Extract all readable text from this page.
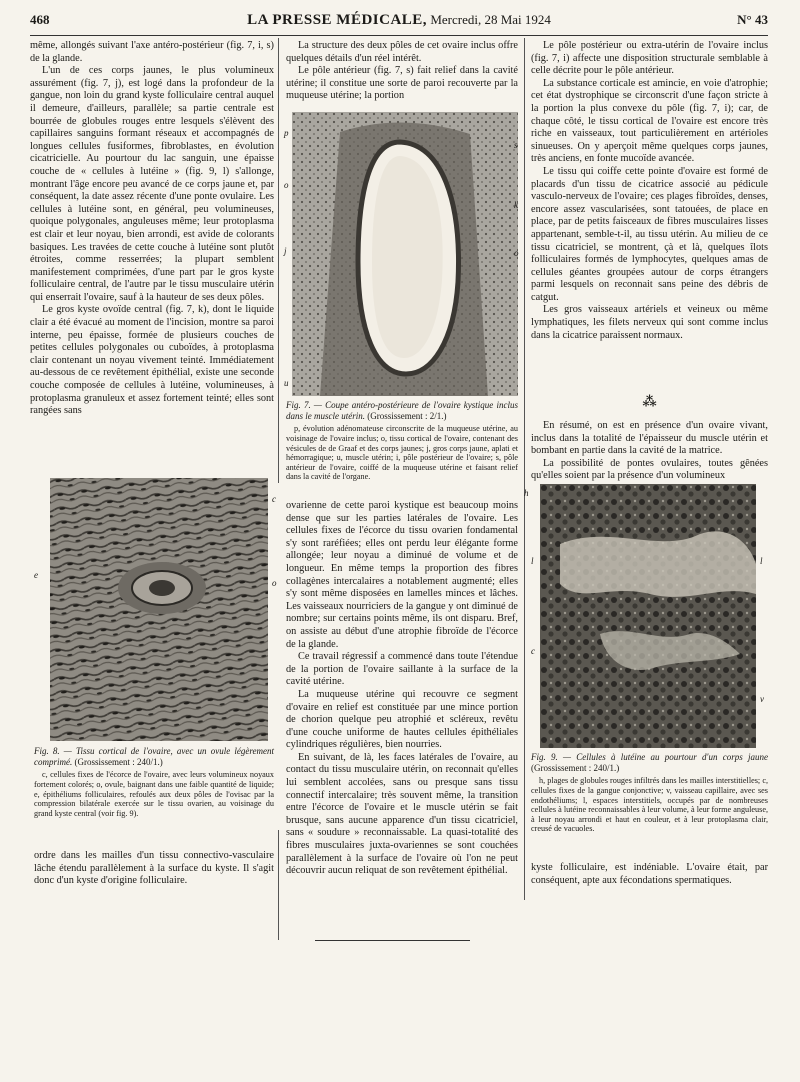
468	LA PRESSE MÉDICALE, Mercredi, 28 Mai 1924	N° 43

même, allongés suivant l'axe antéro-postérieur (fig. 7, i, s) de la glande.

L'un de ces corps jaunes, le plus volumineux assurément (fig. 7, j), est logé dans la profondeur de la gangue, non loin du grand kyste folliculaire central auquel il demeure, d'ailleurs, parallèle; sa partie centrale est bourrée de globules rouges entre lesquels s'élèvent des capillaires sanguins formant réseaux et accompagnés de longues cellules fusiformes, fibroblastes, en évolution cicatricielle. Au pourtour du lac sanguin, une épaisse couche de « cellules à lutéine » (fig. 9, l) s'allonge, montrant l'âge encore peu avancé de ce corps jaune et, par conséquent, la date assez récente d'une ponte ovulaire. Les cellules à lutéine sont, en général, peu volumineuses, quoique polygonales, anguleuses même; leur protoplasma est clair et leur noyau, bien arrondi, est avide de colorants basiques. Les travées de cette couche à lutéine sont plutôt étroites, comme resserrées; la plupart semblent manifestement comprimées, d'une part par le gros kyste folliculaire central, de l'autre par le tissu musculaire utérin qui enserrait l'ovaire, sauf à la hauteur de ses deux pôles.

Le gros kyste ovoïde central (fig. 7, k), dont le liquide clair a été évacué au moment de l'incision, montre sa paroi interne, peu épaisse, formée de plusieurs couches de petites cellules polygonales ou cuboïdes, à protoplasma clair contenant un noyau vivement teinté. Immédiatement au-dessous de ce revêtement épithélial, existe une seconde couche composée de cellules à lutéine, volumineuses, à protoplasma granuleux et assez fortement teinté; elles sont rangées sans

c
e
o
Fig. 8. — Tissu cortical de l'ovaire, avec un ovule légèrement comprimé. (Grossissement : 240/1.)
c, cellules fixes de l'écorce de l'ovaire, avec leurs volumineux noyaux fortement colorés; o, ovule, baignant dans une faible quantité de liquide; e, épithéliums folliculaires, refoulés aux deux pôles de l'ovisac par la compression bilatérale exercée sur le tissu ovarien, au voisinage du grand kyste central (voir fig. 9).

ordre dans les mailles d'un tissu connectivo-vasculaire lâche étendu parallèlement à la surface du kyste. Il s'agit donc d'un kyste d'origine folliculaire.

La structure des deux pôles de cet ovaire inclus offre quelques détails d'un réel intérêt.

Le pôle antérieur (fig. 7, s) fait relief dans la cavité utérine; il constitue une sorte de paroi recouverte par la muqueuse utérine; la portion

p
s
o
k
j	o
u
Fig. 7. — Coupe antéro-postérieure de l'ovaire kystique inclus dans le muscle utérin. (Grossissement : 2/1.)
p, évolution adénomateuse circonscrite de la muqueuse utérine, au voisinage de l'ovaire inclus; o, tissu cortical de l'ovaire, contenant des vésicules de de Graaf et des corps jaunes; j, gros corps jaune, aplati et hémorragique; u, muscle utérin; i, pôle postérieur de l'ovaire; s, pôle antérieur de l'ovaire, coiffé de la muqueuse utérine et faisant relief dans la cavité de l'organe.

ovarienne de cette paroi kystique est beaucoup moins dense que sur les parties latérales de l'ovaire. Les cellules fixes de l'écorce du tissu ovarien fondamental s'y sont raréfiées; elles ont perdu leur élégante forme allongée; leur noyau a diminué de volume et de longueur. En même temps la proportion des fibres collagènes intercalaires a notablement augmenté; elles s'y sont même disposées en lamelles minces et lâches. Les vaisseaux nourriciers de la gangue y ont diminué de nombre; sur certains points même, ils ont disparu. Bref, on assiste au début d'une atrophie fibroïde de l'écorce de la glande.

Ce travail régressif a commencé dans toute l'étendue de la portion de l'ovaire saillante à la surface de la cavité utérine.

La muqueuse utérine qui recouvre ce segment d'ovaire en relief est constituée par une mince portion de chorion quelque peu atrophié et scléreux, revêtu d'une couche uniforme de hautes cellules épithéliales cylindriques régulières, bien nourries.

En suivant, de là, les faces latérales de l'ovaire, au contact du tissu musculaire utérin, on reconnait qu'elles lui semblent accolées, sans ou presque sans tissu connectif intercalaire; très souvent même, la transition entre l'écorce de l'ovaire et le muscle utérin se fait brusque, sans aucune apparence d'un tissu cicatriciel, sans « soudure » reconnaissable. La quasi-totalité des fibres musculaires juxta-ovariennes se sont couchées parallèlement à la surface de l'ovaire où l'on ne peut découvrir aucun reliquat de son revêtement épithélial.

Le pôle postérieur ou extra-utérin de l'ovaire inclus (fig. 7, i) affecte une disposition structurale semblable à celle décrite pour le pôle antérieur.

La substance corticale est amincie, en voie d'atrophie; cet état dystrophique se circonscrit d'une façon stricte à la portion la plus convexe du pôle (fig. 7, i); car, de chaque côté, le tissu cortical de l'ovaire est encore très riche en vaisseaux, tout particulièrement en artérioles sinueuses. On y aperçoit même quelques corps jaunes, très anciens, en fonte mucoïde avancée.

Le tissu qui coiffe cette pointe d'ovaire est formé de placards d'un tissu de cicatrice associé au pédicule vasculo-nerveux de l'ovaire; ces plages fibroïdes, denses, encore assez vascularisées, sont tatouées, de place en place, par de petits faisceaux de fibres musculaires lisses appartenant, semble-t-il, au tissu utérin. Au milieu de ce tissu cicatriciel, se montrent, çà et là, quelques îlots folliculaires formés de lymphocytes, quelques amas de cellules géantes groupées autour de corps étrangers parmi lesquels on reconnait sans peine des débris de catgut.

Les gros vaisseaux artériels et veineux ou même lymphatiques, les filets nerveux qui sont comme inclus dans la cicatrice paraissent normaux.

⁂

En résumé, on est en présence d'un ovaire vivant, inclus dans la totalité de l'épaisseur du muscle utérin et bombant en partie dans la cavité de la matrice.

La possibilité de pontes ovulaires, toutes gênées qu'elles soient par la présence d'un volumineux

h
l	l
c
v
Fig. 9. — Cellules à lutéine au pourtour d'un corps jaune (Grossissement : 240/1.)
h, plages de globules rouges infiltrés dans les mailles interstitielles; c, cellules fixes de la gangue conjonctive; v, vaisseau capillaire, avec ses endothéliums; l, espaces interstitiels, occupés par de nombreuses cellules à lutéine reconnaissables à leur volume, à leur forme anguleuse, à leur noyau arrondi et haut en couleur, et à leur protoplasma clair, creusé de vacuoles.

kyste folliculaire, est indéniable. L'ovaire était, par conséquent, apte aux fécondations spermatiques.
